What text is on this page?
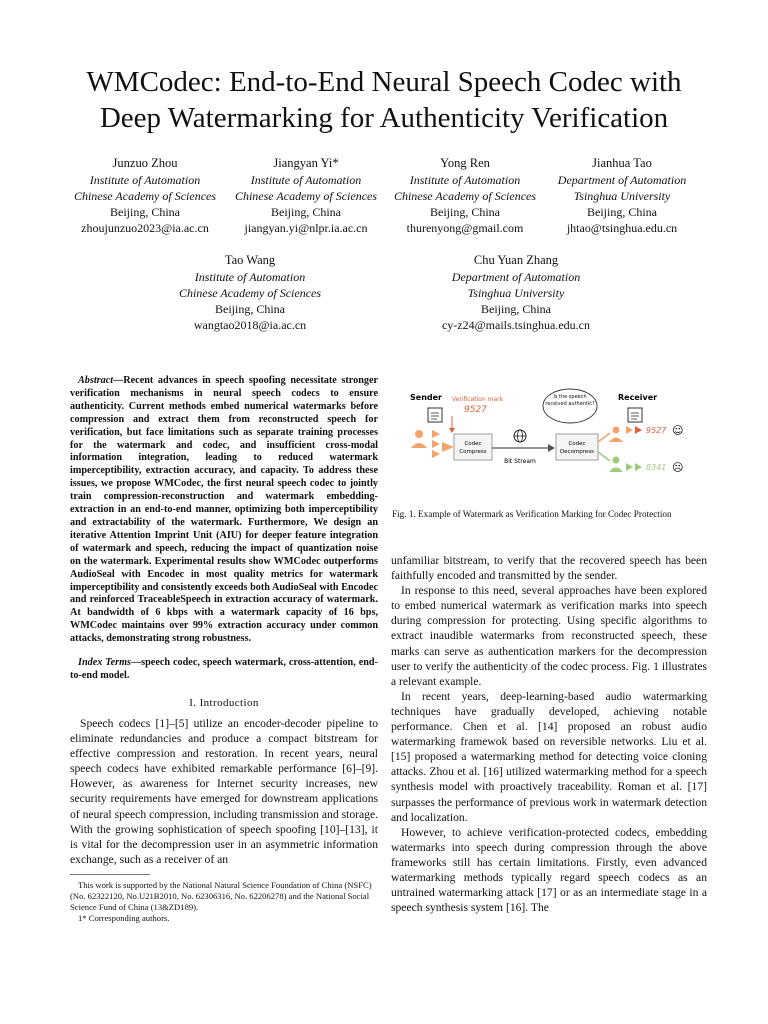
WMCodec: End-to-End Neural Speech Codec with
Deep Watermarking for Authenticity Verification
Junzuo Zhou
Institute of Automation
Chinese Academy of Sciences
Beijing, China
zhoujunzuo2023@ia.ac.cn
Jiangyan Yi*
Institute of Automation
Chinese Academy of Sciences
Beijing, China
jiangyan.yi@nlpr.ia.ac.cn
Yong Ren
Institute of Automation
Chinese Academy of Sciences
Beijing, China
thurenyong@gmail.com
Jianhua Tao
Department of Automation
Tsinghua University
Beijing, China
jhtao@tsinghua.edu.cn
Tao Wang
Institute of Automation
Chinese Academy of Sciences
Beijing, China
wangtao2018@ia.ac.cn
Chu Yuan Zhang
Department of Automation
Tsinghua University
Beijing, China
cy-z24@mails.tsinghua.edu.cn
Abstract—Recent advances in speech spoofing necessitate stronger verification mechanisms in neural speech codecs to ensure authenticity. Current methods embed numerical watermarks before compression and extract them from reconstructed speech for verification, but face limitations such as separate training processes for the watermark and codec, and insufficient cross-modal information integration, leading to reduced watermark imperceptibility, extraction accuracy, and capacity. To address these issues, we propose WMCodec, the first neural speech codec to jointly train compression-reconstruction and watermark embedding-extraction in an end-to-end manner, optimizing both imperceptibility and extractability of the watermark. Furthermore, We design an iterative Attention Imprint Unit (AIU) for deeper feature integration of watermark and speech, reducing the impact of quantization noise on the watermark. Experimental results show WMCodec outperforms AudioSeal with Encodec in most quality metrics for watermark imperceptibility and consistently exceeds both AudioSeal with Encodec and reinforced TraceableSpeech in extraction accuracy of watermark. At bandwidth of 6 kbps with a watermark capacity of 16 bps, WMCodec maintains over 99% extraction accuracy under common attacks, demonstrating strong robustness.
Index Terms—speech codec, speech watermark, cross-attention, end-to-end model.
I. Introduction

Speech codecs [1]–[5] utilize an encoder-decoder pipeline to eliminate redundancies and produce a compact bitstream for effective compression and restoration. In recent years, neural speech codecs have exhibited remarkable performance [6]–[9]. However, as awareness for Internet security increases, new security requirements have emerged for downstream applications of neural speech compression, including transmission and storage. With the growing sophistication of speech spoofing [10]–[13], it is vital for the decompression user in an asymmetric information exchange, such as a receiver of an

This work is supported by the National Natural Science Foundation of China (NSFC) (No. 62322120, No.U21B2010, No. 62306316, No. 62206278) and the National Social Science Fund of China (13&ZD189).

1* Corresponding authors.

Sender Verification mark
9527
Codec
Compress
Bit Stream
Codec
Decompress
Is the speech received authentic?
Receiver
9527 ☺
8341 ☹
Fig. 1. Example of Watermark as Verification Marking for Codec Protection

unfamiliar bitstream, to verify that the recovered speech has been faithfully encoded and transmitted by the sender.

In response to this need, several approaches have been explored to embed numerical watermark as verification marks into speech during compression for protecting. Using specific algorithms to extract inaudible watermarks from reconstructed speech, these marks can serve as authentication markers for the decompression user to verify the authenticity of the codec process. Fig. 1 illustrates a relevant example.

In recent years, deep-learning-based audio watermarking techniques have gradually developed, achieving notable performance. Chen et al. [14] proposed an robust audio watermarking framewok based on reversible networks. Liu et al. [15] proposed a watermarking method for detecting voice cloning attacks. Zhou et al. [16] utilized watermarking method for a speech synthesis model with proactively traceability. Roman et al. [17] surpasses the performance of previous work in watermark detection and localization.

However, to achieve verification-protected codecs, embedding watermarks into speech during compression through the above frameworks still has certain limitations. Firstly, even advanced watermarking methods typically regard speech codecs as an untrained watermarking attack [17] or as an intermediate stage in a speech synthesis system [16]. The
